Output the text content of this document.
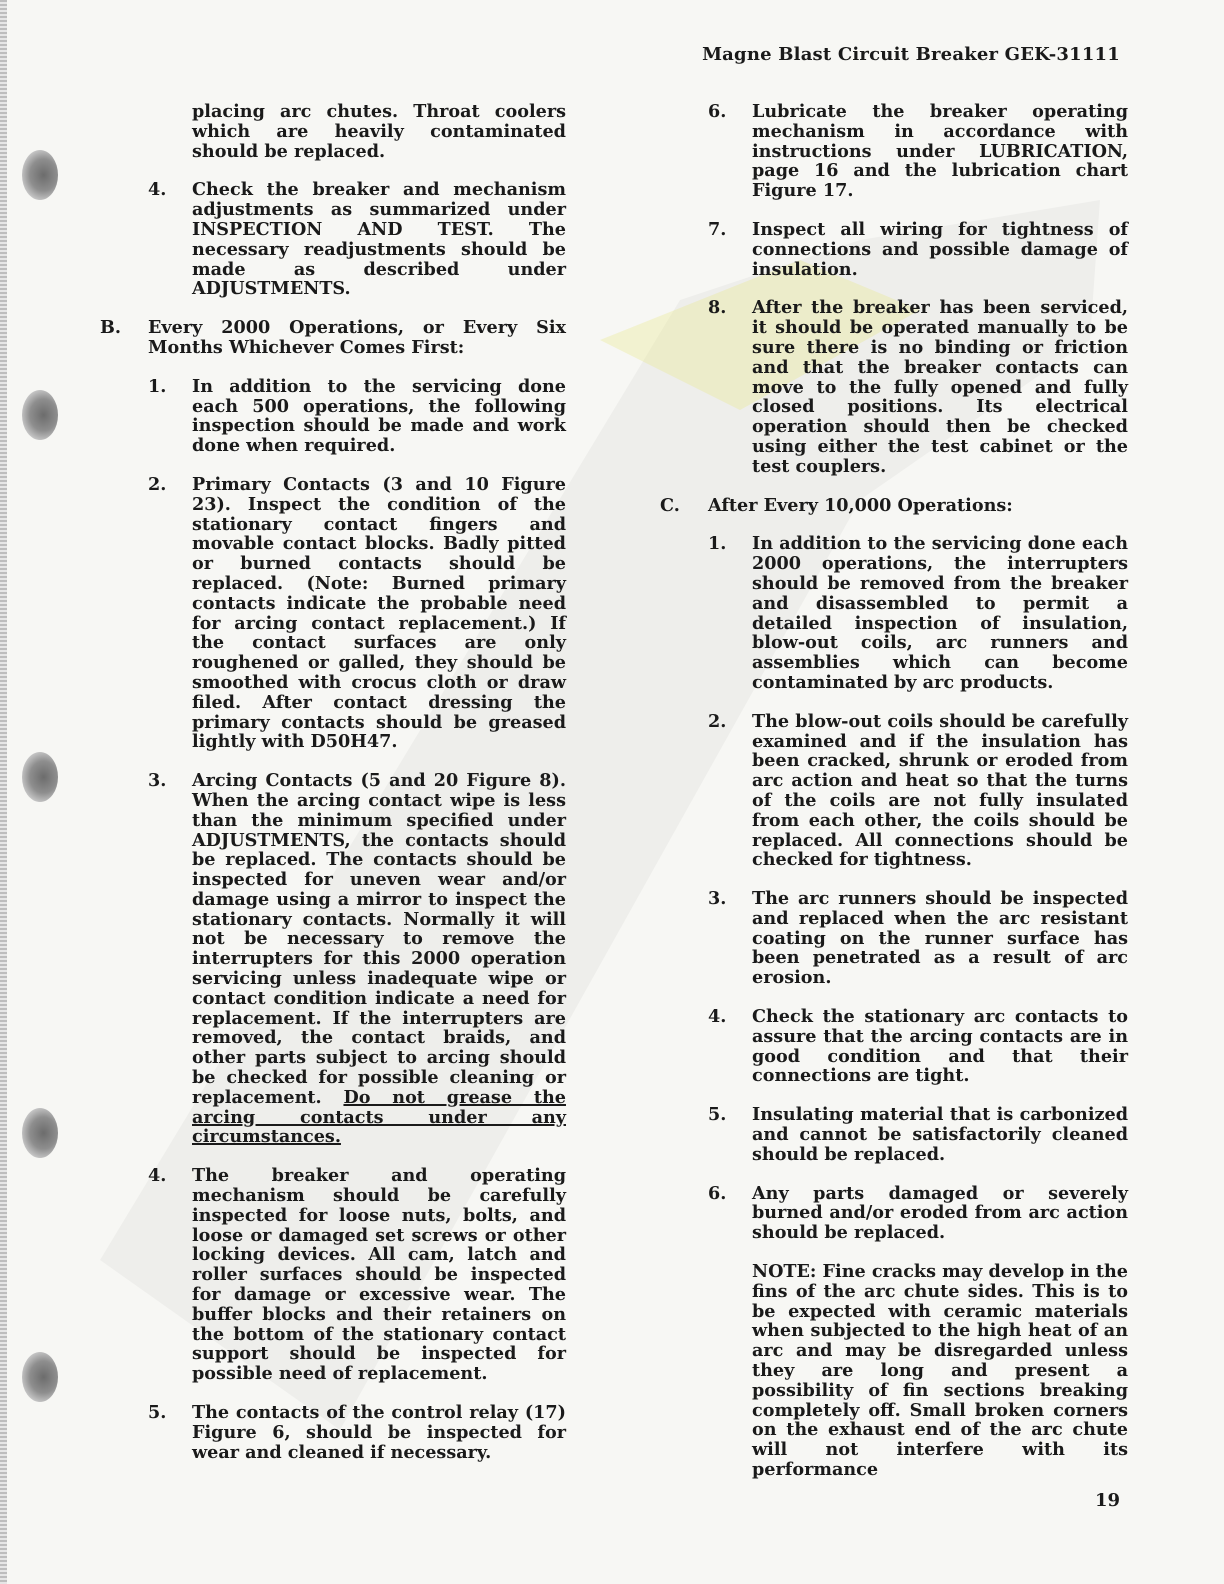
Magne Blast Circuit Breaker GEK-31111

placing arc chutes. Throat coolers which are heavily contaminated should be replaced.

4.	Check the breaker and mechanism adjustments as summarized under INSPECTION AND TEST. The necessary readjustments should be made as described under ADJUSTMENTS.
B.	Every 2000 Operations, or Every Six Months Whichever Comes First:
1.	In addition to the servicing done each 500 operations, the following inspection should be made and work done when required.
2.	Primary Contacts (3 and 10 Figure 23). Inspect the condition of the stationary contact fingers and movable contact blocks. Badly pitted or burned contacts should be replaced. (Note: Burned primary contacts indicate the probable need for arcing contact replacement.) If the contact surfaces are only roughened or galled, they should be smoothed with crocus cloth or draw filed. After contact dressing the primary contacts should be greased lightly with D50H47.
3.	Arcing Contacts (5 and 20 Figure 8). When the arcing contact wipe is less than the minimum specified under ADJUSTMENTS, the contacts should be replaced. The contacts should be inspected for uneven wear and/or damage using a mirror to inspect the stationary contacts. Normally it will not be necessary to remove the interrupters for this 2000 operation servicing unless inadequate wipe or contact condition indicate a need for replacement. If the interrupters are removed, the contact braids, and other parts subject to arcing should be checked for possible cleaning or replacement. Do not grease the arcing contacts under any circumstances.
4.	The breaker and operating mechanism should be carefully inspected for loose nuts, bolts, and loose or damaged set screws or other locking devices. All cam, latch and roller surfaces should be inspected for damage or excessive wear. The buffer blocks and their retainers on the bottom of the stationary contact support should be inspected for possible need of replacement.
5.	The contacts of the control relay (17) Figure 6, should be inspected for wear and cleaned if necessary.
6.	Lubricate the breaker operating mechanism in accordance with instructions under LUBRICATION, page 16 and the lubrication chart Figure 17.
7.	Inspect all wiring for tightness of connections and possible damage of insulation.
8.	After the breaker has been serviced, it should be operated manually to be sure there is no binding or friction and that the breaker contacts can move to the fully opened and fully closed positions. Its electrical operation should then be checked using either the test cabinet or the test couplers.
C.	After Every 10,000 Operations:
1.	In addition to the servicing done each 2000 operations, the interrupters should be removed from the breaker and disassembled to permit a detailed inspection of insulation, blow-out coils, arc runners and assemblies which can become contaminated by arc products.
2.	The blow-out coils should be carefully examined and if the insulation has been cracked, shrunk or eroded from arc action and heat so that the turns of the coils are not fully insulated from each other, the coils should be replaced. All connections should be checked for tightness.
3.	The arc runners should be inspected and replaced when the arc resistant coating on the runner surface has been penetrated as a result of arc erosion.
4.	Check the stationary arc contacts to assure that the arcing contacts are in good condition and that their connections are tight.
5.	Insulating material that is carbonized and cannot be satisfactorily cleaned should be replaced.
6.	Any parts damaged or severely burned and/or eroded from arc action should be replaced.

NOTE: Fine cracks may develop in the fins of the arc chute sides. This is to be expected with ceramic materials when subjected to the high heat of an arc and may be disregarded unless they are long and present a possibility of fin sections breaking completely off. Small broken corners on the exhaust end of the arc chute will not interfere with its performance

19
